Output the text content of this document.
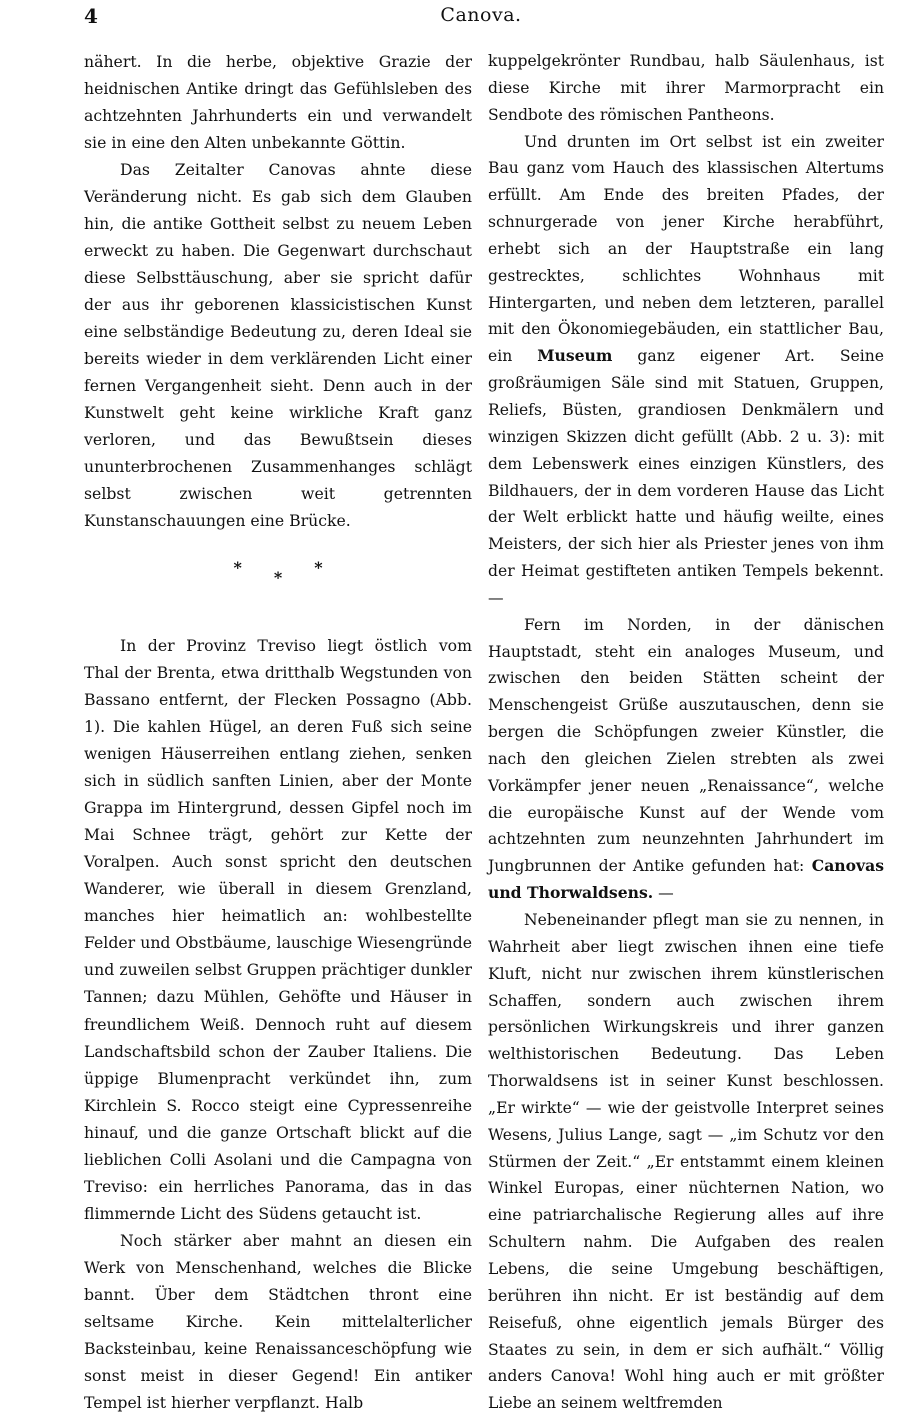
4	Canova.

nähert. In die herbe, objektive Grazie der heidnischen Antike dringt das Gefühlsleben des achtzehnten Jahrhunderts ein und verwandelt sie in eine den Alten unbekannte Göttin.

Das Zeitalter Canovas ahnte diese Veränderung nicht. Es gab sich dem Glauben hin, die antike Gottheit selbst zu neuem Leben erweckt zu haben. Die Gegenwart durchschaut diese Selbsttäuschung, aber sie spricht dafür der aus ihr geborenen klassicistischen Kunst eine selbständige Bedeutung zu, deren Ideal sie bereits wieder in dem verklärenden Licht einer fernen Vergangenheit sieht. Denn auch in der Kunstwelt geht keine wirkliche Kraft ganz verloren, und das Bewußtsein dieses ununterbrochenen Zusammenhanges schlägt selbst zwischen weit getrennten Kunstanschauungen eine Brücke.

*
*
*

In der Provinz Treviso liegt östlich vom Thal der Brenta, etwa dritthalb Wegstunden von Bassano entfernt, der Flecken Possagno (Abb. 1). Die kahlen Hügel, an deren Fuß sich seine wenigen Häuserreihen entlang ziehen, senken sich in südlich sanften Linien, aber der Monte Grappa im Hintergrund, dessen Gipfel noch im Mai Schnee trägt, gehört zur Kette der Voralpen. Auch sonst spricht den deutschen Wanderer, wie überall in diesem Grenzland, manches hier heimatlich an: wohlbestellte Felder und Obstbäume, lauschige Wiesengründe und zuweilen selbst Gruppen prächtiger dunkler Tannen; dazu Mühlen, Gehöfte und Häuser in freundlichem Weiß. Dennoch ruht auf diesem Landschaftsbild schon der Zauber Italiens. Die üppige Blumenpracht verkündet ihn, zum Kirchlein S. Rocco steigt eine Cypressenreihe hinauf, und die ganze Ortschaft blickt auf die lieblichen Colli Asolani und die Campagna von Treviso: ein herrliches Panorama, das in das flimmernde Licht des Südens getaucht ist.

Noch stärker aber mahnt an diesen ein Werk von Menschenhand, welches die Blicke bannt. Über dem Städtchen thront eine seltsame Kirche. Kein mittelalterlicher Backsteinbau, keine Renaissanceschöpfung wie sonst meist in dieser Gegend! Ein antiker Tempel ist hierher verpflanzt. Halb

kuppelgekrönter Rundbau, halb Säulenhaus, ist diese Kirche mit ihrer Marmorpracht ein Sendbote des römischen Pantheons.

Und drunten im Ort selbst ist ein zweiter Bau ganz vom Hauch des klassischen Altertums erfüllt. Am Ende des breiten Pfades, der schnurgerade von jener Kirche herabführt, erhebt sich an der Hauptstraße ein lang gestrecktes, schlichtes Wohnhaus mit Hintergarten, und neben dem letzteren, parallel mit den Ökonomiegebäuden, ein stattlicher Bau, ein Museum ganz eigener Art. Seine großräumigen Säle sind mit Statuen, Gruppen, Reliefs, Büsten, grandiosen Denkmälern und winzigen Skizzen dicht gefüllt (Abb. 2 u. 3): mit dem Lebenswerk eines einzigen Künstlers, des Bildhauers, der in dem vorderen Hause das Licht der Welt erblickt hatte und häufig weilte, eines Meisters, der sich hier als Priester jenes von ihm der Heimat gestifteten antiken Tempels bekennt. —

Fern im Norden, in der dänischen Hauptstadt, steht ein analoges Museum, und zwischen den beiden Stätten scheint der Menschengeist Grüße auszutauschen, denn sie bergen die Schöpfungen zweier Künstler, die nach den gleichen Zielen strebten als zwei Vorkämpfer jener neuen „Renaissance“, welche die europäische Kunst auf der Wende vom achtzehnten zum neunzehnten Jahrhundert im Jungbrunnen der Antike gefunden hat: Canovas und Thorwaldsens. —

Nebeneinander pflegt man sie zu nennen, in Wahrheit aber liegt zwischen ihnen eine tiefe Kluft, nicht nur zwischen ihrem künstlerischen Schaffen, sondern auch zwischen ihrem persönlichen Wirkungskreis und ihrer ganzen welthistorischen Bedeutung. Das Leben Thorwaldsens ist in seiner Kunst beschlossen. „Er wirkte“ — wie der geistvolle Interpret seines Wesens, Julius Lange, sagt — „im Schutz vor den Stürmen der Zeit.“ „Er entstammt einem kleinen Winkel Europas, einer nüchternen Nation, wo eine patriarchalische Regierung alles auf ihre Schultern nahm. Die Aufgaben des realen Lebens, die seine Umgebung beschäftigen, berühren ihn nicht. Er ist beständig auf dem Reisefuß, ohne eigentlich jemals Bürger des Staates zu sein, in dem er sich aufhält.“ Völlig anders Canova! Wohl hing auch er mit größter Liebe an seinem weltfremden
